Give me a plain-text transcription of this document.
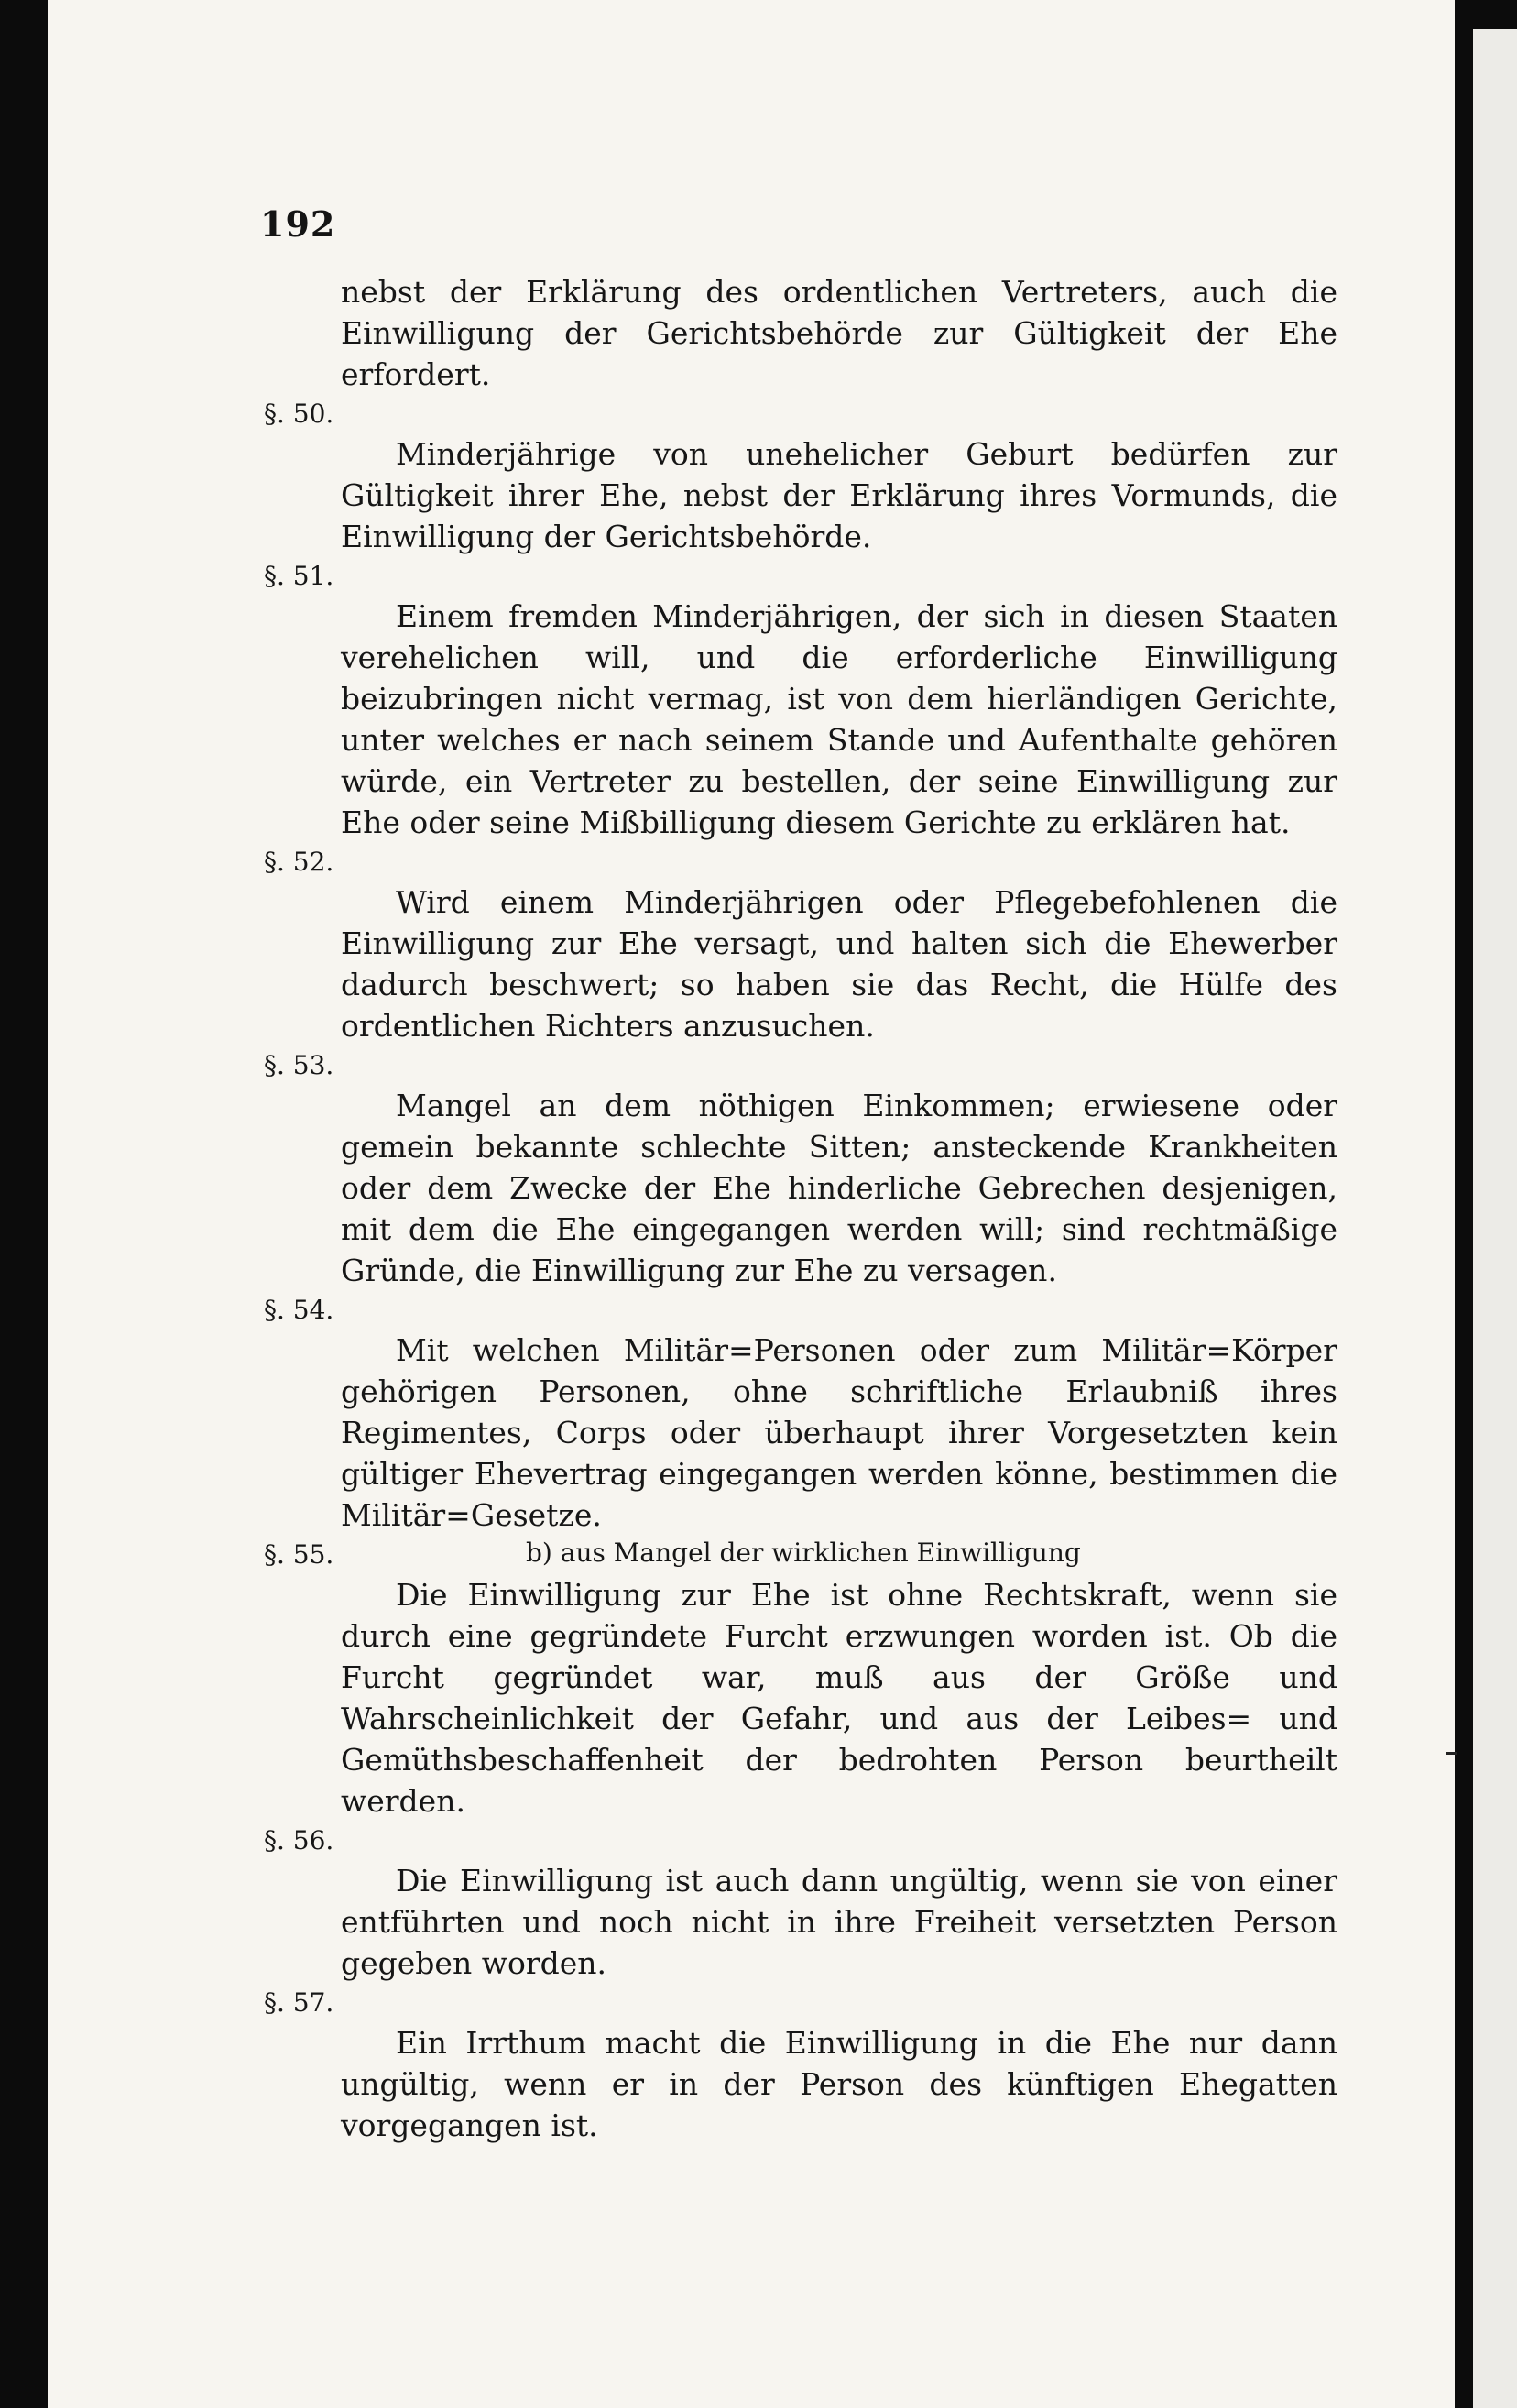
192

nebst der Erklärung des ordentlichen Vertreters, auch die Einwilligung der Gerichtsbehörde zur Gültigkeit der Ehe erfordert.

§. 50.

Minderjährige von unehelicher Geburt bedürfen zur Gültigkeit ihrer Ehe, nebst der Erklärung ihres Vormunds, die Einwilligung der Gerichtsbehörde.

§. 51.

Einem fremden Minderjährigen, der sich in diesen Staaten verehelichen will, und die erforderliche Einwilligung beizubringen nicht vermag, ist von dem hierländigen Gerichte, unter welches er nach seinem Stande und Aufenthalte gehören würde, ein Vertreter zu bestellen, der seine Einwilligung zur Ehe oder seine Mißbilligung diesem Gerichte zu erklären hat.

§. 52.

Wird einem Minderjährigen oder Pflegebefohlenen die Einwilligung zur Ehe versagt, und halten sich die Ehewerber dadurch beschwert; so haben sie das Recht, die Hülfe des ordentlichen Richters anzusuchen.

§. 53.

Mangel an dem nöthigen Einkommen; erwiesene oder gemein bekannte schlechte Sitten; ansteckende Krankheiten oder dem Zwecke der Ehe hinderliche Gebrechen desjenigen, mit dem die Ehe eingegangen werden will; sind rechtmäßige Gründe, die Einwilligung zur Ehe zu versagen.

§. 54.

Mit welchen Militär=Personen oder zum Militär=Körper gehörigen Personen, ohne schriftliche Erlaubniß ihres Regimentes, Corps oder überhaupt ihrer Vorgesetzten kein gültiger Ehevertrag eingegangen werden könne, bestimmen die Militär=Gesetze.

§. 55.	b) aus Mangel der wirklichen Einwilligung

Die Einwilligung zur Ehe ist ohne Rechtskraft, wenn sie durch eine gegründete Furcht erzwungen worden ist. Ob die Furcht gegründet war, muß aus der Größe und Wahrscheinlichkeit der Gefahr, und aus der Leibes= und Gemüthsbeschaffenheit der bedrohten Person beurtheilt werden.

§. 56.

Die Einwilligung ist auch dann ungültig, wenn sie von einer entführten und noch nicht in ihre Freiheit versetzten Person gegeben worden.

§. 57.

Ein Irrthum macht die Einwilligung in die Ehe nur dann ungültig, wenn er in der Person des künftigen Ehegatten vorgegangen ist.
